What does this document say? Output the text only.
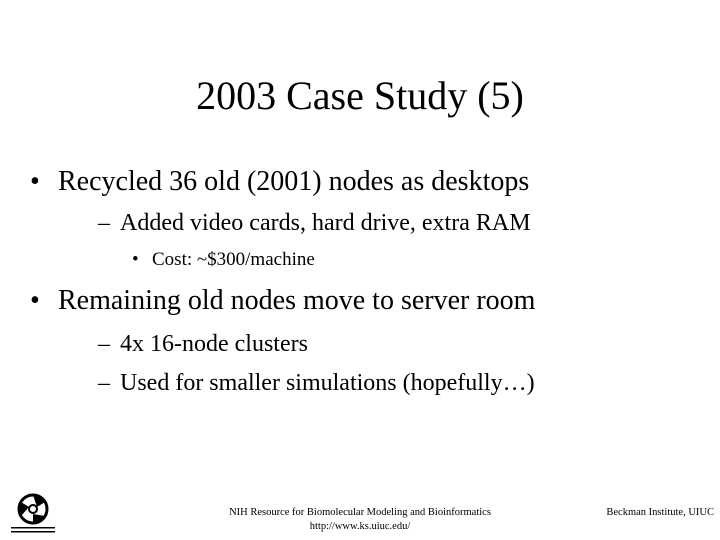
2003 Case Study (5)
• Recycled 36 old (2001) nodes as desktops
– Added video cards, hard drive, extra RAM
• Cost: ~$300/machine
• Remaining old nodes move to server room
– 4x 16-node clusters
– Used for smaller simulations (hopefully…)
NIH Resource for Biomolecular Modeling and Bioinformatics
http://www.ks.uiuc.edu/
Beckman Institute, UIUC
